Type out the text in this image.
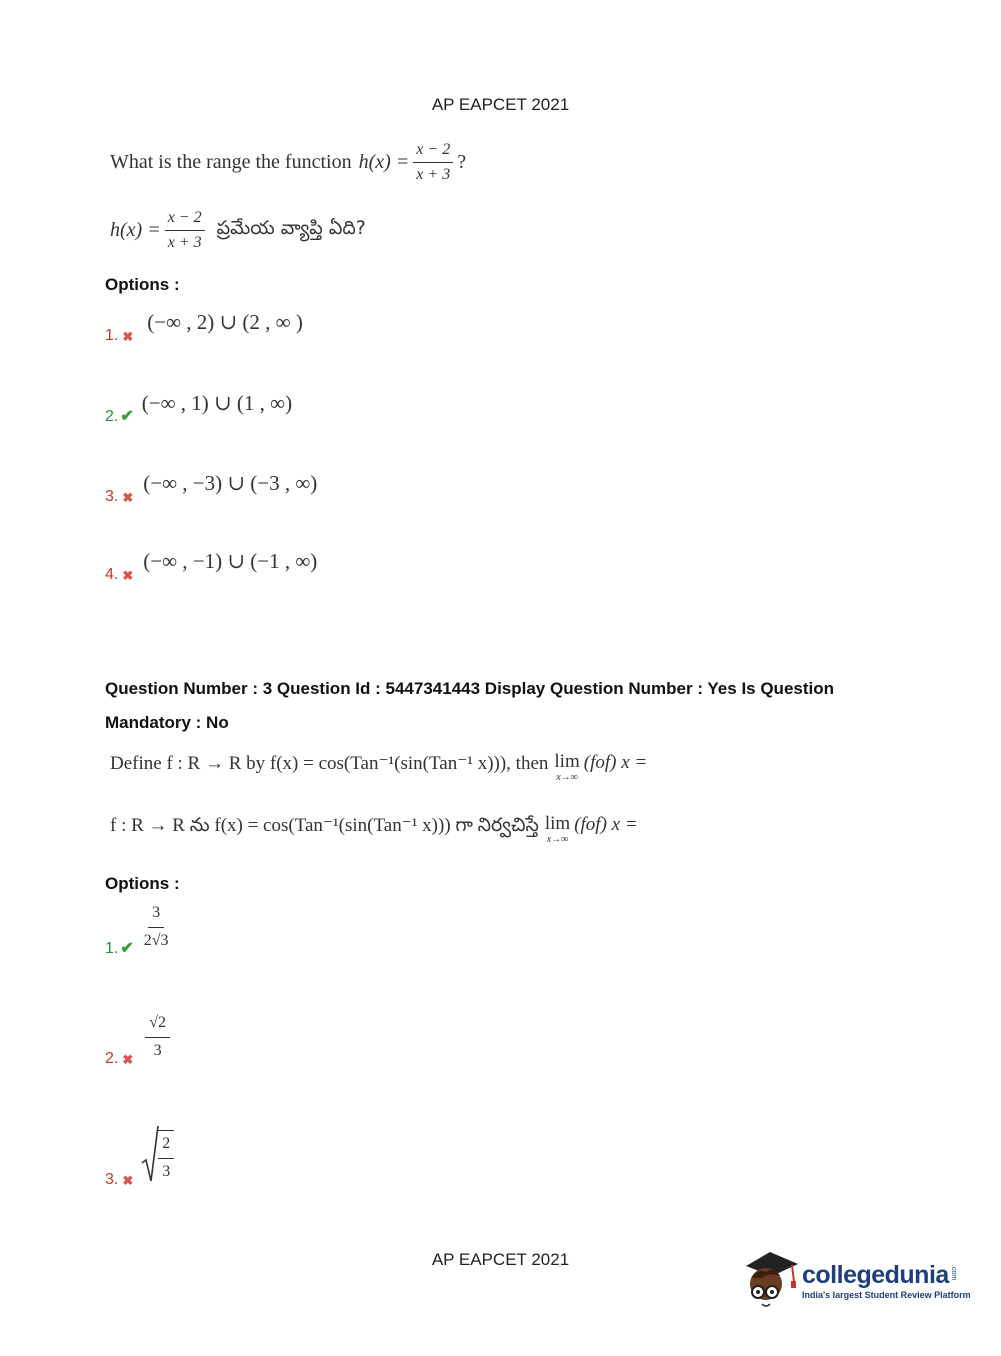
AP EAPCET 2021
What is the range the function $h(x) = \frac{x - 2}{x + 3}$ ?
$h(x) = \frac{x - 2}{x + 3}$ ప్రమేయ వ్యాప్తి ఏది?
Options :
1. ✖
(−∞ , 2) ∪ (2 , ∞ )
2. ✔
(−∞ , 1) ∪ (1 , ∞)
3. ✖
(−∞ , −3) ∪ (−3 , ∞)
4. ✖
(−∞ , −1) ∪ (−1 , ∞)
Question Number : 3 Question Id : 5447341443 Display Question Number : Yes Is Question
Mandatory : No
Define f : R → R by f(x) = cos(Tan⁻¹(sin(Tan⁻¹ x))), then lim
x→∞
(fof) x =
f : R → R ను f(x) = cos(Tan⁻¹(sin(Tan⁻¹ x))) గా నిర్వచిస్తే lim
x→∞
(fof) x =
Options :
1. ✔ $\frac{3}{2√3}$
2. ✖ $\frac{√2}{3}$
3. ✖ $\frac{2}{3}$
AP EAPCET 2021
collegedunia .com
India's largest Student Review Platform
